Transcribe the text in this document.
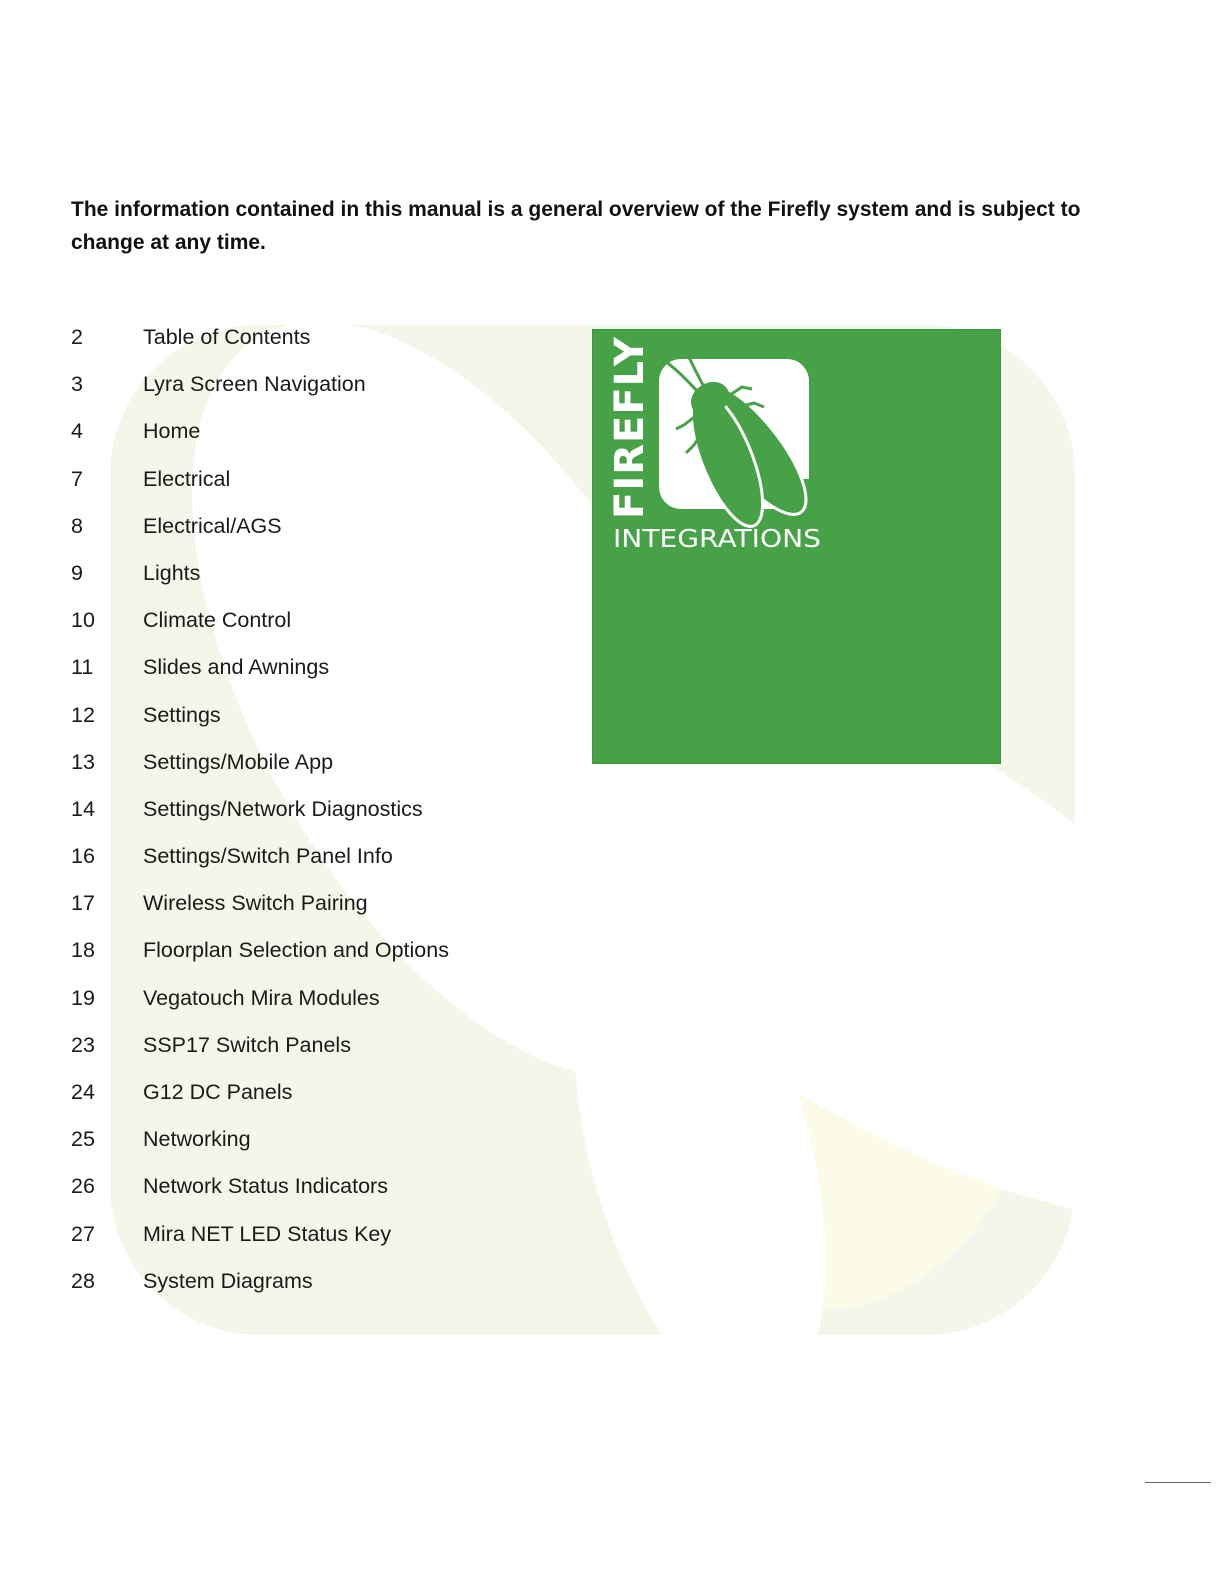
The information contained in this manual is a general overview of the Firefly system and is subject to change at any time.
2	Table of Contents
3	Lyra Screen Navigation
4	Home
7	Electrical
8	Electrical/AGS
9	Lights
10	Climate Control
11	Slides and Awnings
12	Settings
13	Settings/Mobile App
14	Settings/Network Diagnostics
16	Settings/Switch Panel Info
17	Wireless Switch Pairing
18	Floorplan Selection and Options
19	Vegatouch Mira Modules
23	SSP17 Switch Panels
24	G12 DC Panels
25	Networking
26	Network Status Indicators
27	Mira NET LED Status Key
28	System Diagrams
FIREFLY
INTEGRATIONS
